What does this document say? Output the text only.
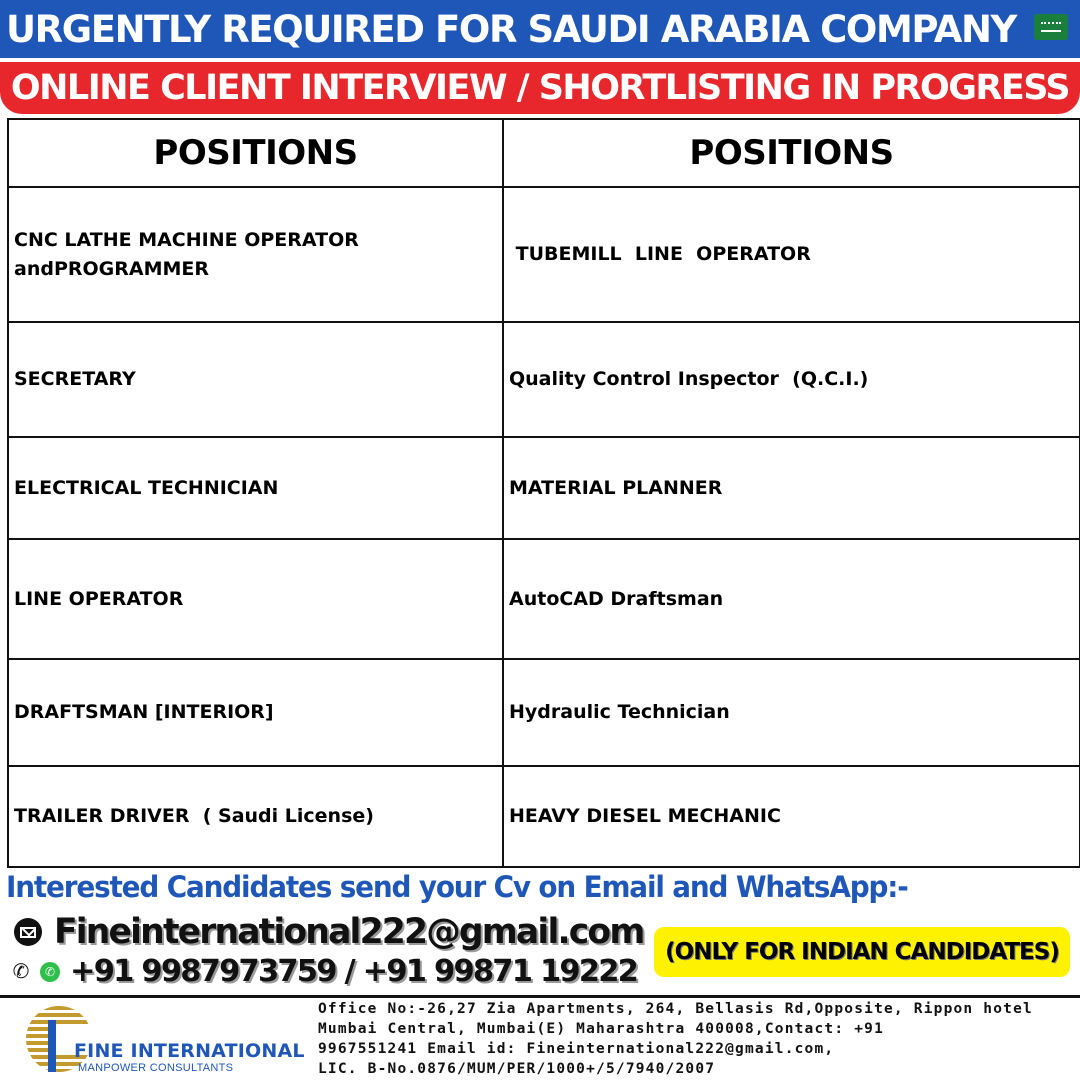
URGENTLY REQUIRED FOR SAUDI ARABIA COMPANY
ONLINE CLIENT INTERVIEW / SHORTLISTING IN PROGRESS
POSITIONS	POSITIONS
CNC LATHE MACHINE OPERATOR andPROGRAMMER	TUBEMILL  LINE  OPERATOR
SECRETARY	Quality Control Inspector  (Q.C.I.)
ELECTRICAL TECHNICIAN	MATERIAL PLANNER
LINE OPERATOR	AutoCAD Draftsman
DRAFTSMAN [INTERIOR]	Hydraulic Technician
TRAILER DRIVER  ( Saudi License)	HEAVY DIESEL MECHANIC
Interested Candidates send your Cv on Email and WhatsApp:-
Fineinternational222@gmail.com
✆	✆ +91 9987973759 / +91 99871 19222
(ONLY FOR INDIAN CANDIDATES)
FINE INTERNATIONAL
MANPOWER CONSULTANTS
Office No:-26,27 Zia Apartments, 264, Bellasis Rd,Opposite, Rippon hotel
Mumbai Central, Mumbai(E) Maharashtra 400008,Contact: +91
9967551241 Email id: Fineinternational222@gmail.com,
LIC. B-No.0876/MUM/PER/1000+/5/7940/2007
